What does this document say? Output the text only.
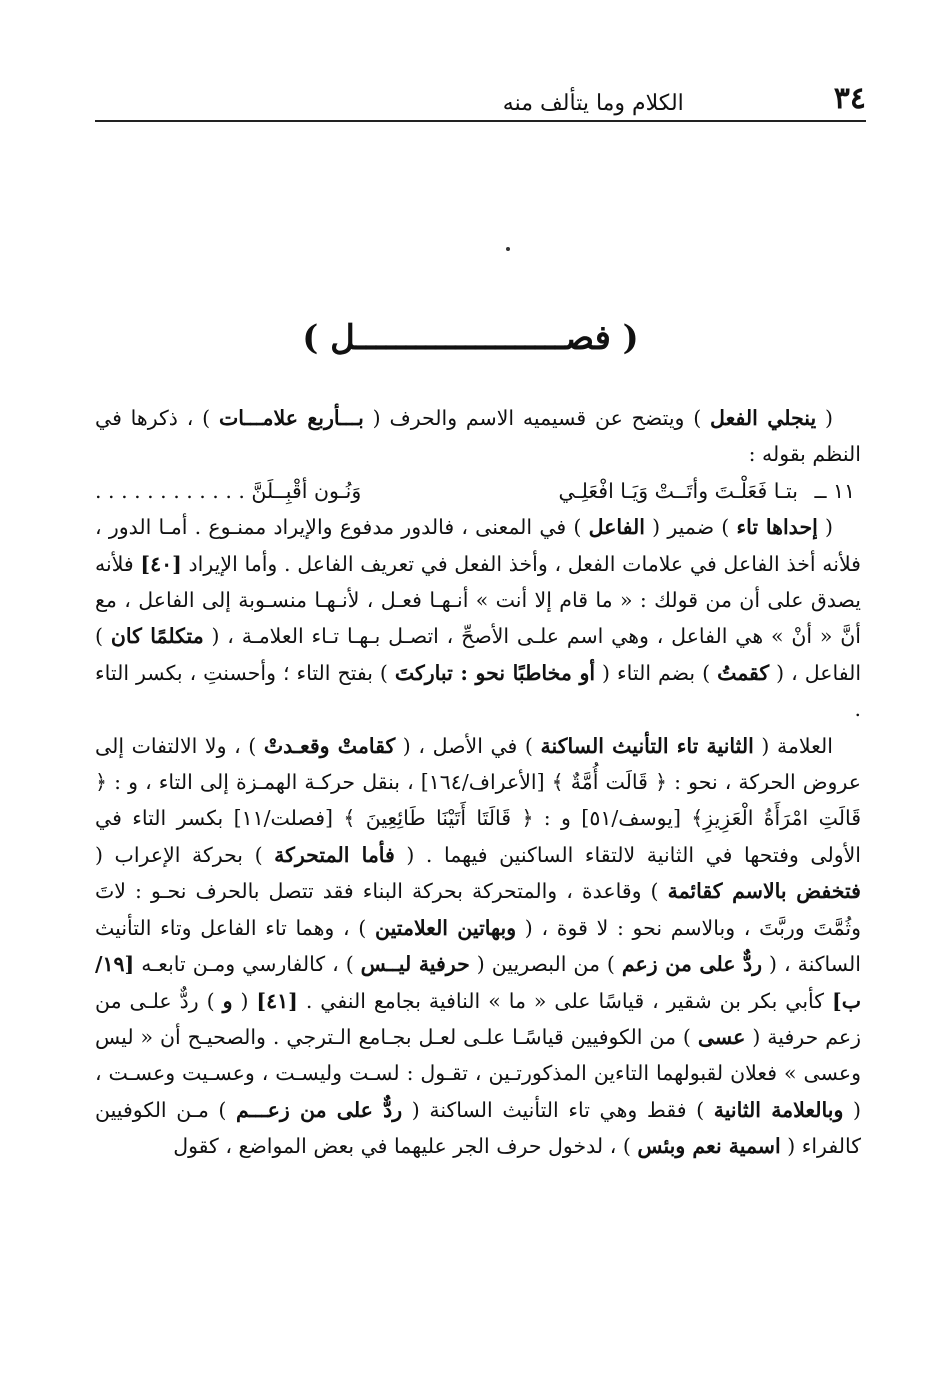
٣٤
الكلام وما يتألف منه
( فصـــــــــــــــــــــل )

( ينجلي الفعل ) ويتضح عن قسيميه الاسم والحرف ( بـــأربع علامـــات ) ، ذكرها في النظم بقوله :

١١ ــ بتـا فَعَلْـتَ وأتَــتْ وَيَـا افْعَلِـي
وَنُـون أقْبِــلَنَّ . . . . . . . . . . . .

( إحداها تاء ) ضمير ( الفاعل ) في المعنى ، فالدور مدفوع والإيراد ممنـوع . أمـا الدور ، فلأنه أخذ الفاعل في علامات الفعل ، وأخذ الفعل في تعريف الفاعل . وأما الإيراد [٤٠] فلأنه يصدق على أن من قولك : « ما قام إلا أنت » أنـهـا فعـل ، لأنـهـا منسـوبة إلى الفاعل ، مع أنَّ « أنْ » هي الفاعل ، وهي اسم علـى الأصحِّ ، اتصـل بـهـا تـاء العلامـة ، ( متكلمًا كان ) الفاعل ، ( كقمتُ ) بضم التاء ( أو مخاطبًا نحو : تباركتَ ) بفتح التاء ؛ وأحسنتِ ، بكسر التاء .

العلامة ( الثانية تاء التأنيث الساكنة ) في الأصل ، ( كقامتْ وقعـدتْ ) ، ولا الالتفات إلى عروض الحركة ، نحو : ﴿ قَالَت أُمَّةٌ ﴾ [الأعراف/١٦٤] ، بنقل حركـة الهمـزة إلى التاء ، و : ﴿ قَالَتِ امْرَأَةُ الْعَزِيزِ﴾ [يوسف/٥١] و : ﴿ قَالَتَا أَتَيْنَا طَائِعِينَ ﴾ [فصلت/١١] بكسر التاء في الأولى وفتحها في الثانية لالتقاء الساكنين فيهما . ( فأما المتحركة ) بحركة الإعراب ( فتخفض بالاسم كقائمة ) وقاعدة ، والمتحركة بحركة البناء فقد تتصل بالحرف نحـو : لاتَ وثُمَّتَ وربَّتَ ، وبالاسم نحو : لا قوة ، ( وبهاتين العلامتين ) ، وهما تاء الفاعل وتاء التأنيث الساكنة ، ( ردٌّ على من زعم ) من البصريين ( حرفية ليــس ) ، كالفارسي ومـن تابعـه [١٩/ب] كأبي بكر بن شقير ، قياسًا على « ما » النافية بجامع النفي . [٤١] ( و ) ردٌّ علـى من زعم حرفية ( عسى ) من الكوفيين قياسًـا علـى لعـل بجـامع الـترجي . والصحيـح أن « ليس وعسى » فعلان لقبولهما التاءين المذكورتـين ، تقـول : لسـت وليسـت ، وعسـيت وعسـت ، ( وبالعلامة الثانية ) فقط وهي تاء التأنيث الساكنة ( ردٌّ على من زعـــم ) مـن الكوفيين كالفراء ( اسمية نعم وبئس ) ، لدخول حرف الجر عليهما في بعض المواضع ، كقول
